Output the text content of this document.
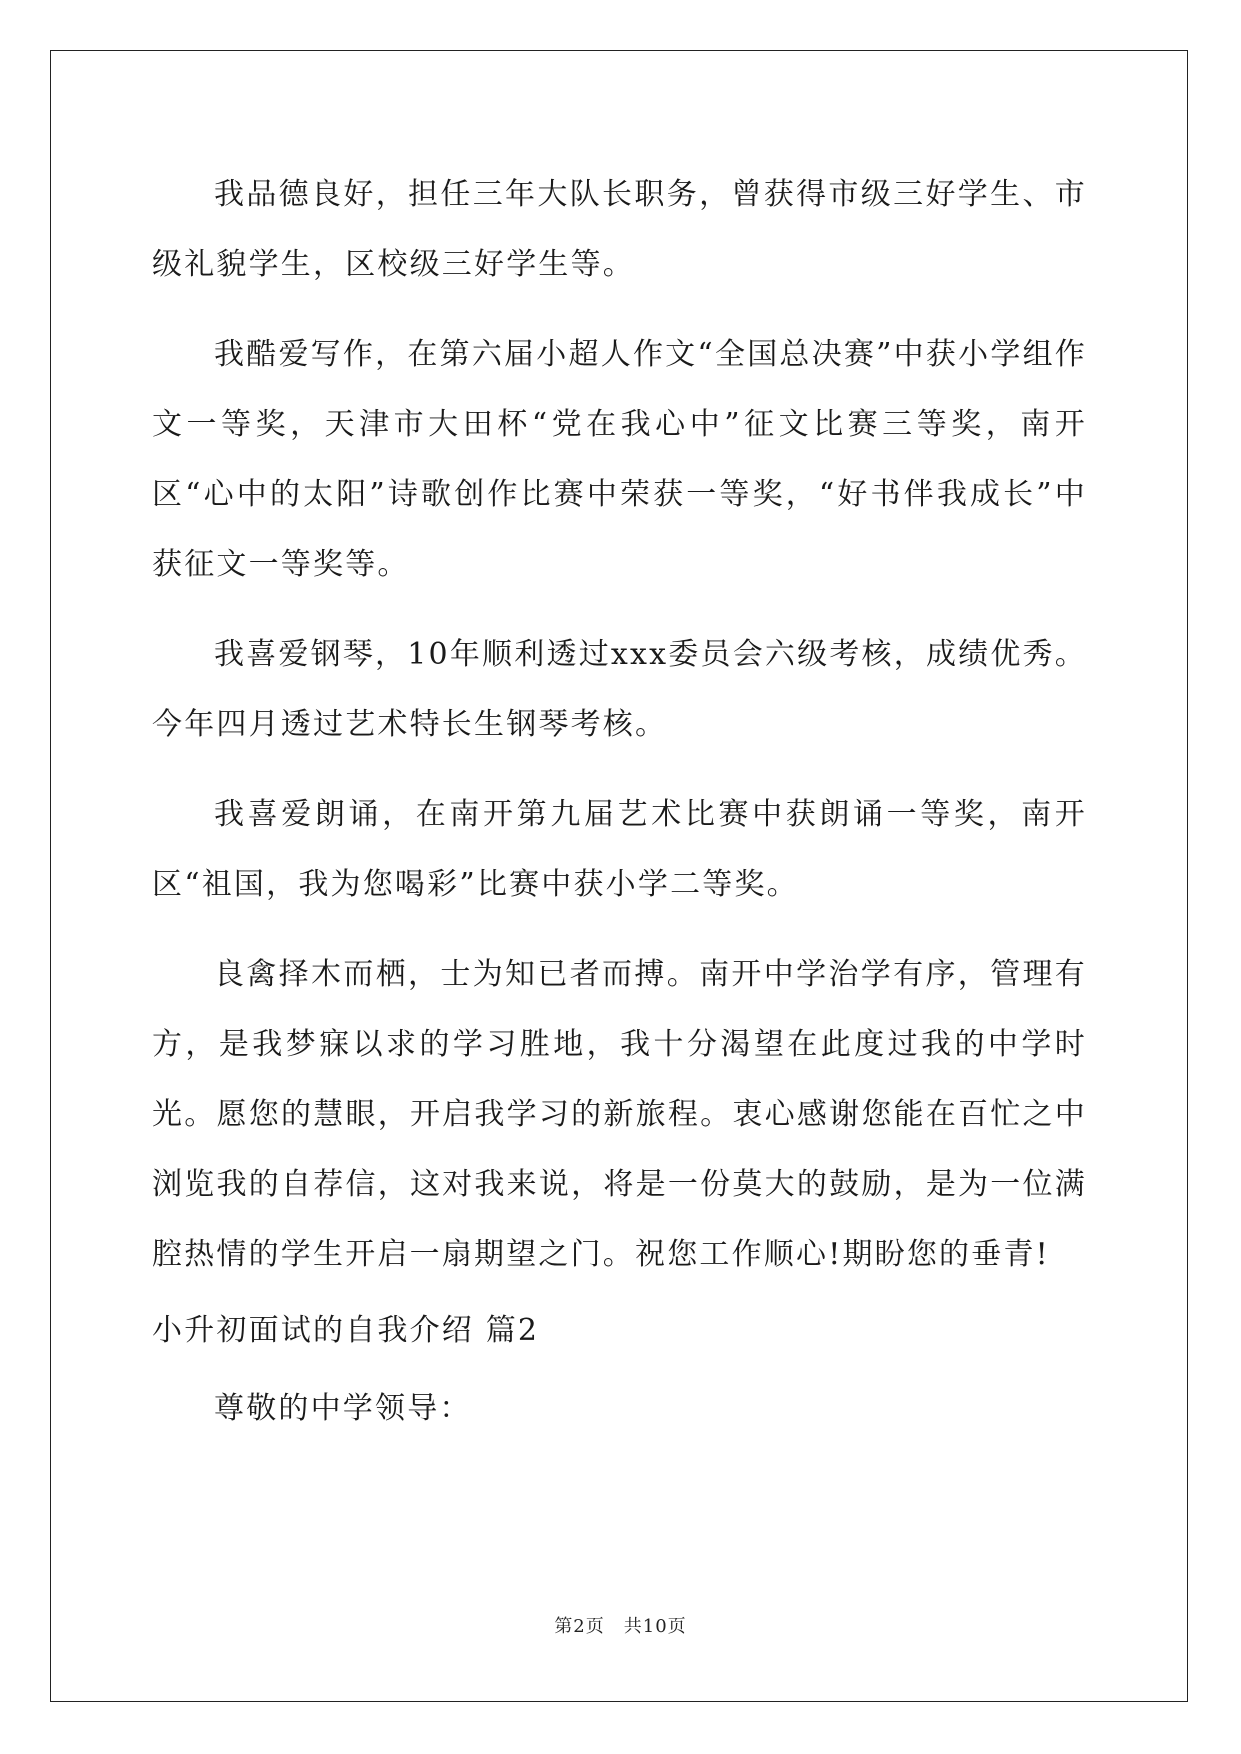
我品德良好，担任三年大队长职务，曾获得市级三好学生、市级礼貌学生，区校级三好学生等。

我酷爱写作，在第六届小超人作文“全国总决赛”中获小学组作文一等奖，天津市大田杯“党在我心中”征文比赛三等奖，南开区“心中的太阳”诗歌创作比赛中荣获一等奖，“好书伴我成长”中获征文一等奖等。

我喜爱钢琴，10年顺利透过xxx委员会六级考核，成绩优秀。今年四月透过艺术特长生钢琴考核。

我喜爱朗诵，在南开第九届艺术比赛中获朗诵一等奖，南开区“祖国，我为您喝彩”比赛中获小学二等奖。

良禽择木而栖，士为知已者而搏。南开中学治学有序，管理有方，是我梦寐以求的学习胜地，我十分渴望在此度过我的中学时光。愿您的慧眼，开启我学习的新旅程。衷心感谢您能在百忙之中浏览我的自荐信，这对我来说，将是一份莫大的鼓励，是为一位满腔热情的学生开启一扇期望之门。祝您工作顺心!期盼您的垂青!

小升初面试的自我介绍 篇2

尊敬的中学领导：

第2页　共10页
